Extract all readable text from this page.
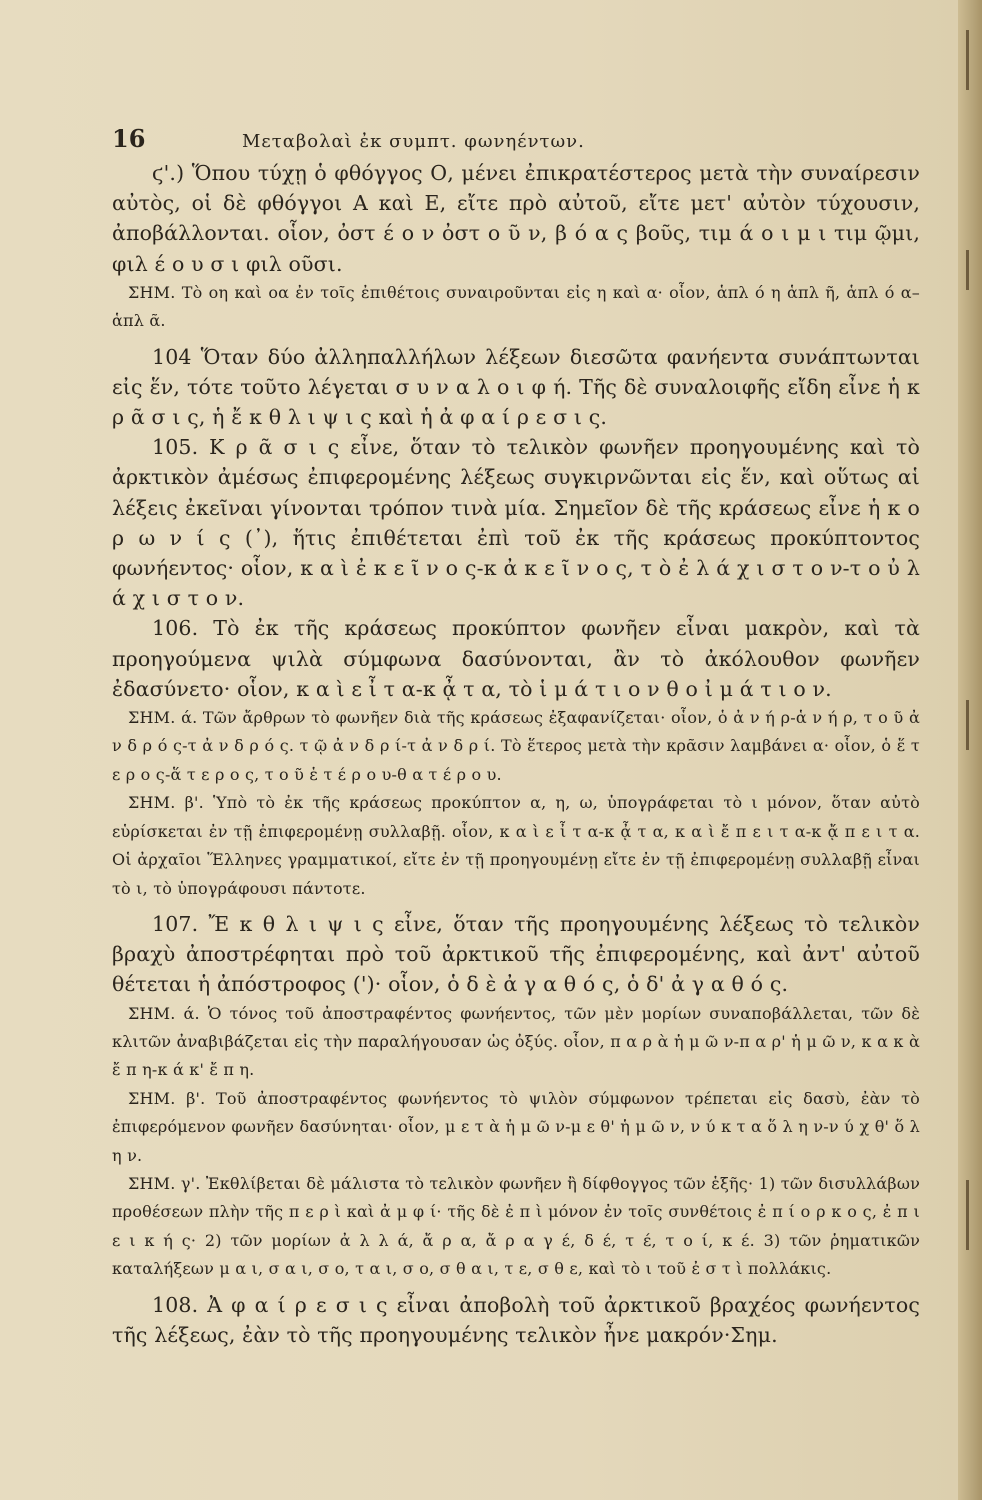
16	Μεταβολαὶ ἐκ συμπτ. φωνηέντων.

ϛ'.) Ὅπου τύχῃ ὁ φθόγγος Ο, μένει ἐπικρατέστερος μετὰ τὴν συναίρεσιν αὐτὸς, οἱ δὲ φθόγγοι Α καὶ Ε, εἴτε πρὸ αὐτοῦ, εἴτε μετ' αὐτὸν τύχουσιν, ἀποβάλλονται. οἷον, ὀστ έ ο ν ὀστ ο ῦ ν, β ό α ς βοῦς, τιμ ά ο ι μ ι τιμ ῷμι, φιλ έ ο υ σ ι φιλ οῦσι.

ΣΗΜ. Τὸ οη καὶ οα ἐν τοῖς ἐπιθέτοις συναιροῦνται εἰς η καὶ α· οἷον, ἁπλ ό η ἁπλ ῆ, ἁπλ ό α–ἁπλ ᾶ.

104 Ὅταν δύο ἀλληπαλλήλων λέξεων διεσῶτα φανήεντα συνάπτωνται εἰς ἕν, τότε τοῦτο λέγεται σ υ ν α λ ο ι φ ή. Τῆς δὲ συναλοιφῆς εἴδη εἶνε ἡ κ ρ ᾶ σ ι ς, ἡ ἔ κ θ λ ι ψ ι ς καὶ ἡ ἀ φ α ί ρ ε σ ι ς.

105. Κ ρ ᾶ σ ι ς εἶνε, ὅταν τὸ τελικὸν φωνῆεν προηγουμένης καὶ τὸ ἀρκτικὸν ἀμέσως ἐπιφερομένης λέξεως συγκιρνῶνται εἰς ἕν, καὶ οὕτως αἱ λέξεις ἐκεῖναι γίνονται τρόπον τινὰ μία. Σημεῖον δὲ τῆς κράσεως εἶνε ἡ κ ο ρ ω ν ί ς (᾽), ἥτις ἐπιθέτεται ἐπὶ τοῦ ἐκ τῆς κράσεως προκύπτοντος φωνήεντος· οἷον, κ α ὶ ἐ κ ε ῖ ν ο ς-κ ἀ κ ε ῖ ν ο ς, τ ὸ ἐ λ ά χ ι σ τ ο ν-τ ο ὐ λ ά χ ι σ τ ο ν.

106. Τὸ ἐκ τῆς κράσεως προκύπτον φωνῆεν εἶναι μακρὸν, καὶ τὰ προηγούμενα ψιλὰ σύμφωνα δασύνονται, ἂν τὸ ἀκόλουθον φωνῆεν ἐδασύνετο· οἷον, κ α ὶ ε ἶ τ α-κ ᾆ τ α, τὸ ἱ μ ά τ ι ο ν θ ο ἰ μ ά τ ι ο ν.

ΣΗΜ. ά. Τῶν ἄρθρων τὸ φωνῆεν διὰ τῆς κράσεως ἐξαφανίζεται· οἷον, ὁ ἀ ν ή ρ-ἁ ν ή ρ, τ ο ῦ ἀ ν δ ρ ό ς-τ ἀ ν δ ρ ό ς. τ ῷ ἀ ν δ ρ ί-τ ἀ ν δ ρ ί. Τὸ ἕτερος μετὰ τὴν κρᾶσιν λαμβάνει α· οἷον, ὁ ἕ τ ε ρ ο ς-ἅ τ ε ρ ο ς, τ ο ῦ ἑ τ έ ρ ο υ-θ α τ έ ρ ο υ.

ΣΗΜ. β'. Ὑπὸ τὸ ἐκ τῆς κράσεως προκύπτον α, η, ω, ὑπογράφεται τὸ ι μόνον, ὅταν αὐτὸ εὑρίσκεται ἐν τῇ ἐπιφερομένῃ συλλαβῇ. οἷον, κ α ὶ ε ἶ τ α-κ ᾆ τ α, κ α ὶ ἔ π ε ι τ α-κ ᾄ π ε ι τ α. Οἱ ἀρχαῖοι Ἕλληνες γραμματικοί, εἴτε ἐν τῇ προηγουμένῃ εἴτε ἐν τῇ ἐπιφερομένῃ συλλαβῇ εἶναι τὸ ι, τὸ ὑπογράφουσι πάντοτε.

107. Ἔ κ θ λ ι ψ ι ς εἶνε, ὅταν τῆς προηγουμένης λέξεως τὸ τελικὸν βραχὺ ἀποστρέφηται πρὸ τοῦ ἀρκτικοῦ τῆς ἐπιφερομένης, καὶ ἀντ' αὐτοῦ θέτεται ἡ ἀπόστροφος (')· οἷον, ὁ δ ὲ ἀ γ α θ ό ς, ὁ δ' ἀ γ α θ ό ς.

ΣΗΜ. ά. Ὁ τόνος τοῦ ἀποστραφέντος φωνήεντος, τῶν μὲν μορίων συναποβάλλεται, τῶν δὲ κλιτῶν ἀναβιβάζεται εἰς τὴν παραλήγουσαν ὡς ὀξύς. οἷον, π α ρ ὰ ἡ μ ῶ ν-π α ρ' ἡ μ ῶ ν, κ α κ ὰ ἔ π η-κ ά κ' ἔ π η.

ΣΗΜ. β'. Τοῦ ἀποστραφέντος φωνήεντος τὸ ψιλὸν σύμφωνον τρέπεται εἰς δασὺ, ἐὰν τὸ ἐπιφερόμενον φωνῆεν δασύνηται· οἷον, μ ε τ ὰ ἡ μ ῶ ν-μ ε θ' ἡ μ ῶ ν, ν ύ κ τ α ὅ λ η ν-ν ύ χ θ' ὅ λ η ν.

ΣΗΜ. γ'. Ἐκθλίβεται δὲ μάλιστα τὸ τελικὸν φωνῆεν ἢ δίφθογγος τῶν ἑξῆς· 1) τῶν δισυλλάβων προθέσεων πλὴν τῆς π ε ρ ὶ καὶ ἀ μ φ ί· τῆς δὲ ἐ π ὶ μόνον ἐν τοῖς συνθέτοις ἐ π ί ο ρ κ ο ς, ἐ π ι ε ι κ ή ς· 2) τῶν μορίων ἀ λ λ ά, ἄ ρ α, ἄ ρ α γ έ, δ έ, τ έ, τ ο ί, κ έ. 3) τῶν ῥηματικῶν καταλήξεων μ α ι, σ α ι, σ ο, τ α ι, σ ο, σ θ α ι, τ ε, σ θ ε, καὶ τὸ ι τοῦ ἐ σ τ ὶ πολλάκις.

108. Ἀ φ α ί ρ ε σ ι ς εἶναι ἀποβολὴ τοῦ ἀρκτικοῦ βραχέος φωνήεντος τῆς λέξεως, ἐὰν τὸ τῆς προηγουμένης τελικὸν ἦνε μακρόν·Σημ.
